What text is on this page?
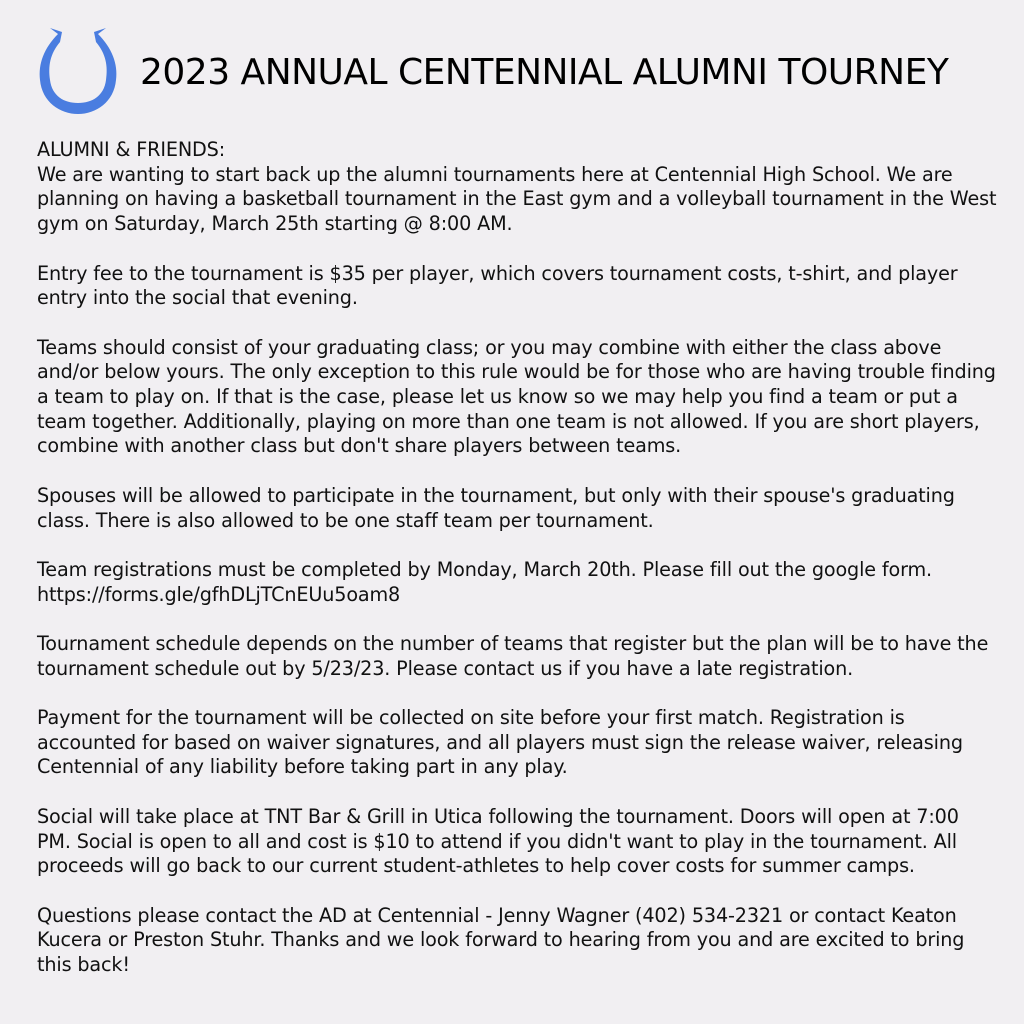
2023 ANNUAL CENTENNIAL ALUMNI TOURNEY

ALUMNI & FRIENDS:
We are wanting to start back up the alumni tournaments here at Centennial High School. We are planning on having a basketball tournament in the East gym and a volleyball tournament in the West gym on Saturday, March 25th starting @ 8:00 AM.

Entry fee to the tournament is $35 per player, which covers tournament costs, t-shirt, and player entry into the social that evening.

Teams should consist of your graduating class; or you may combine with either the class above and/or below yours. The only exception to this rule would be for those who are having trouble finding a team to play on. If that is the case, please let us know so we may help you find a team or put a team together. Additionally, playing on more than one team is not allowed. If you are short players, combine with another class but don't share players between teams.

Spouses will be allowed to participate in the tournament, but only with their spouse's graduating class. There is also allowed to be one staff team per tournament.

Team registrations must be completed by Monday, March 20th. Please fill out the google form.
https://forms.gle/gfhDLjTCnEUu5oam8

Tournament schedule depends on the number of teams that register but the plan will be to have the tournament schedule out by 5/23/23. Please contact us if you have a late registration.

Payment for the tournament will be collected on site before your first match. Registration is accounted for based on waiver signatures, and all players must sign the release waiver, releasing Centennial of any liability before taking part in any play.

Social will take place at TNT Bar & Grill in Utica following the tournament. Doors will open at 7:00 PM. Social is open to all and cost is $10 to attend if you didn't want to play in the tournament. All proceeds will go back to our current student-athletes to help cover costs for summer camps.

Questions please contact the AD at Centennial - Jenny Wagner (402) 534-2321 or contact Keaton Kucera or Preston Stuhr. Thanks and we look forward to hearing from you and are excited to bring this back!
